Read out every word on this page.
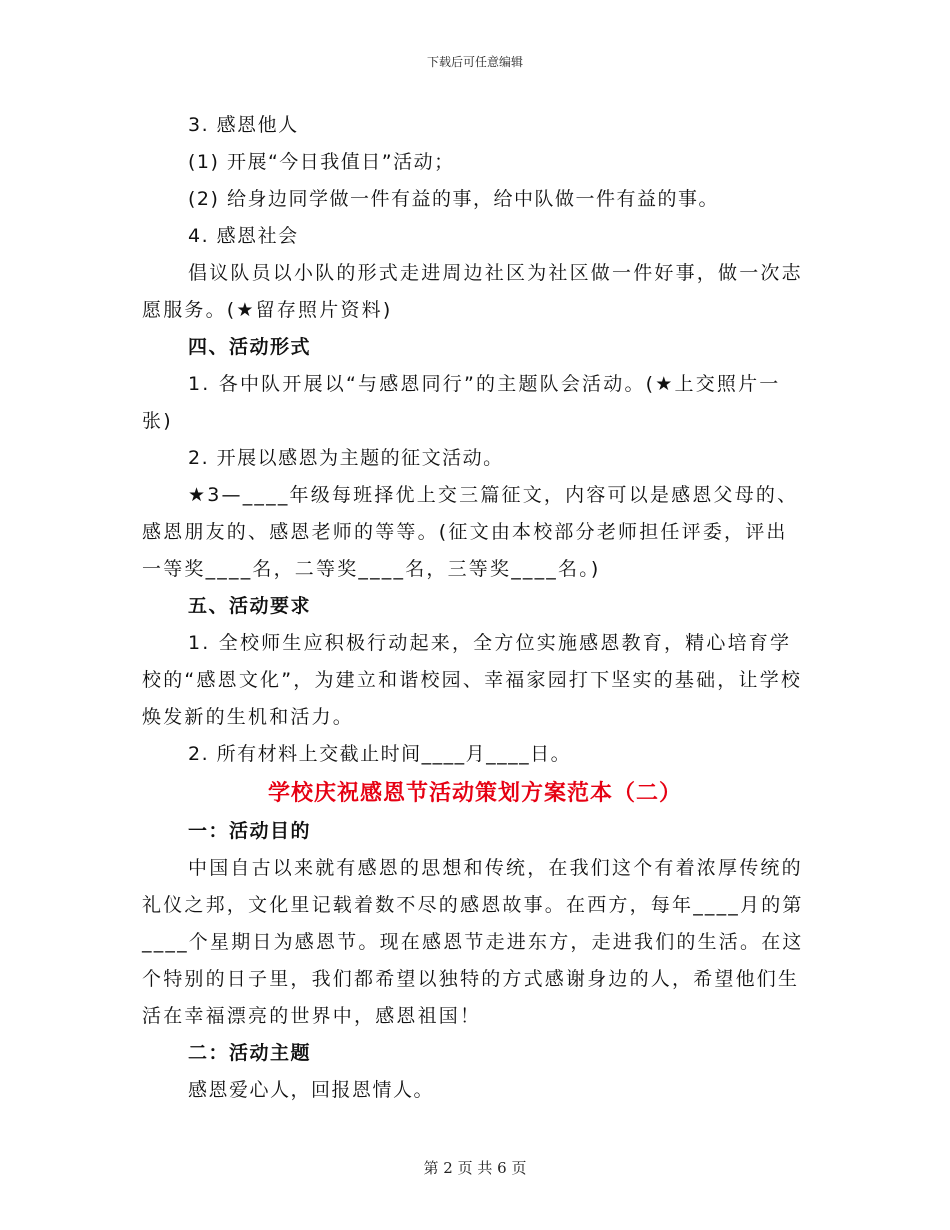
下载后可任意编辑
3. 感恩他人
(1) 开展“今日我值日”活动；
(2) 给身边同学做一件有益的事，给中队做一件有益的事。
4. 感恩社会
倡议队员以小队的形式走进周边社区为社区做一件好事，做一次志愿服务。(★留存照片资料)
四、活动形式
1. 各中队开展以“与感恩同行”的主题队会活动。(★上交照片一张)
2. 开展以感恩为主题的征文活动。
★3—____年级每班择优上交三篇征文，内容可以是感恩父母的、感恩朋友的、感恩老师的等等。(征文由本校部分老师担任评委，评出一等奖____名，二等奖____名，三等奖____名。)
五、活动要求
1. 全校师生应积极行动起来，全方位实施感恩教育，精心培育学校的“感恩文化”，为建立和谐校园、幸福家园打下坚实的基础，让学校焕发新的生机和活力。
2. 所有材料上交截止时间____月____日。
学校庆祝感恩节活动策划方案范本（二）
一：活动目的
中国自古以来就有感恩的思想和传统，在我们这个有着浓厚传统的礼仪之邦，文化里记载着数不尽的感恩故事。在西方，每年____月的第____个星期日为感恩节。现在感恩节走进东方，走进我们的生活。在这个特别的日子里，我们都希望以独特的方式感谢身边的人，希望他们生活在幸福漂亮的世界中，感恩祖国！
二：活动主题
感恩爱心人，回报恩情人。
第 2 页 共 6 页
